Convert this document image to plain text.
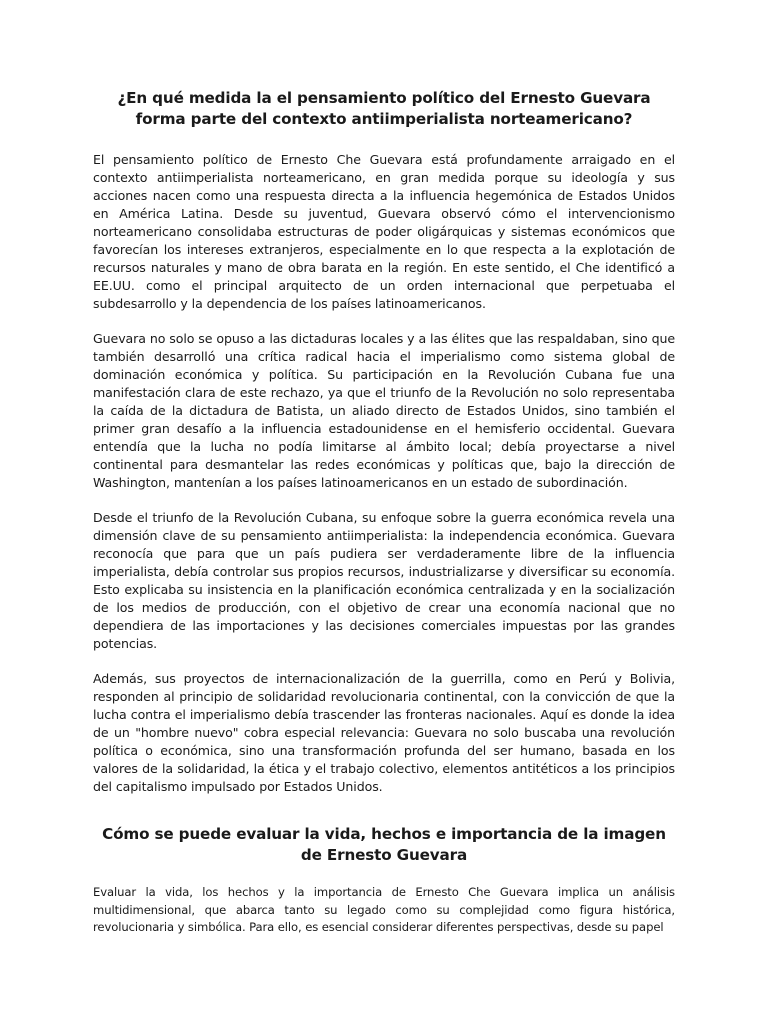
¿En qué medida la el pensamiento político del Ernesto Guevara forma parte del contexto antiimperialista norteamericano?

El pensamiento político de Ernesto Che Guevara está profundamente arraigado en el contexto antiimperialista norteamericano, en gran medida porque su ideología y sus acciones nacen como una respuesta directa a la influencia hegemónica de Estados Unidos en América Latina. Desde su juventud, Guevara observó cómo el intervencionismo norteamericano consolidaba estructuras de poder oligárquicas y sistemas económicos que favorecían los intereses extranjeros, especialmente en lo que respecta a la explotación de recursos naturales y mano de obra barata en la región. En este sentido, el Che identificó a EE.UU. como el principal arquitecto de un orden internacional que perpetuaba el subdesarrollo y la dependencia de los países latinoamericanos.

Guevara no solo se opuso a las dictaduras locales y a las élites que las respaldaban, sino que también desarrolló una crítica radical hacia el imperialismo como sistema global de dominación económica y política. Su participación en la Revolución Cubana fue una manifestación clara de este rechazo, ya que el triunfo de la Revolución no solo representaba la caída de la dictadura de Batista, un aliado directo de Estados Unidos, sino también el primer gran desafío a la influencia estadounidense en el hemisferio occidental. Guevara entendía que la lucha no podía limitarse al ámbito local; debía proyectarse a nivel continental para desmantelar las redes económicas y políticas que, bajo la dirección de Washington, mantenían a los países latinoamericanos en un estado de subordinación.

Desde el triunfo de la Revolución Cubana, su enfoque sobre la guerra económica revela una dimensión clave de su pensamiento antiimperialista: la independencia económica. Guevara reconocía que para que un país pudiera ser verdaderamente libre de la influencia imperialista, debía controlar sus propios recursos, industrializarse y diversificar su economía. Esto explicaba su insistencia en la planificación económica centralizada y en la socialización de los medios de producción, con el objetivo de crear una economía nacional que no dependiera de las importaciones y las decisiones comerciales impuestas por las grandes potencias.

Además, sus proyectos de internacionalización de la guerrilla, como en Perú y Bolivia, responden al principio de solidaridad revolucionaria continental, con la convicción de que la lucha contra el imperialismo debía trascender las fronteras nacionales. Aquí es donde la idea de un "hombre nuevo" cobra especial relevancia: Guevara no solo buscaba una revolución política o económica, sino una transformación profunda del ser humano, basada en los valores de la solidaridad, la ética y el trabajo colectivo, elementos antitéticos a los principios del capitalismo impulsado por Estados Unidos.

Cómo se puede evaluar la vida, hechos e importancia de la imagen de Ernesto Guevara

Evaluar la vida, los hechos y la importancia de Ernesto Che Guevara implica un análisis multidimensional, que abarca tanto su legado como su complejidad como figura histórica, revolucionaria y simbólica. Para ello, es esencial considerar diferentes perspectivas, desde su papel
